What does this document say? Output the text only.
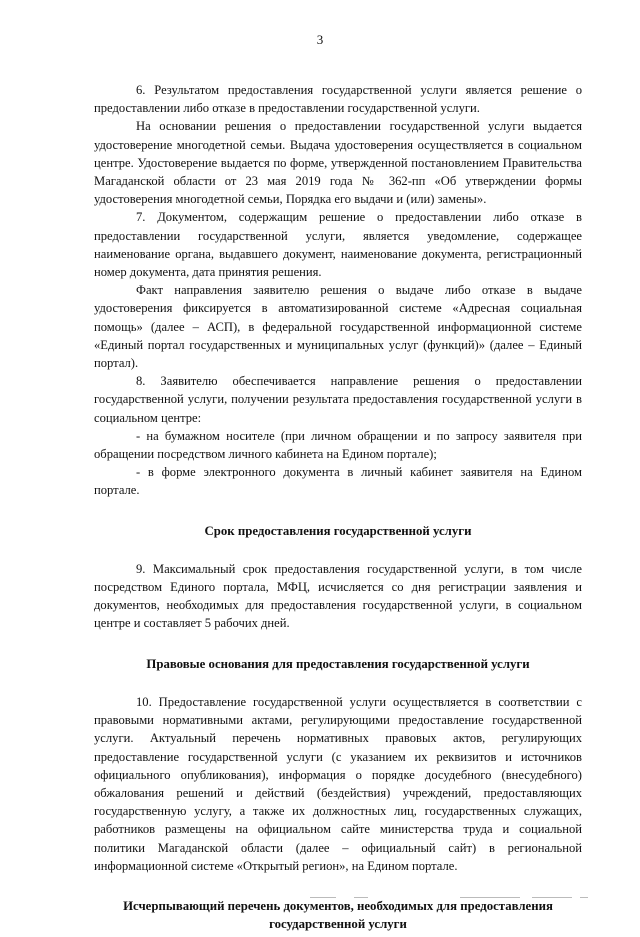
3

6. Результатом предоставления государственной услуги является решение о предоставлении либо отказе в предоставлении государственной услуги.

На основании решения о предоставлении государственной услуги выдается удостоверение многодетной семьи. Выдача удостоверения осуществляется в социальном центре. Удостоверение выдается по форме, утвержденной постановлением Правительства Магаданской области от 23 мая 2019 года № 362-пп «Об утверждении формы удостоверения многодетной семьи, Порядка его выдачи и (или) замены».

7. Документом, содержащим решение о предоставлении либо отказе в предоставлении государственной услуги, является уведомление, содержащее наименование органа, выдавшего документ, наименование документа, регистрационный номер документа, дата принятия решения.

Факт направления заявителю решения о выдаче либо отказе в выдаче удостоверения фиксируется в автоматизированной системе «Адресная социальная помощь» (далее – АСП), в федеральной государственной информационной системе «Единый портал государственных и муниципальных услуг (функций)» (далее – Единый портал).

8. Заявителю обеспечивается направление решения о предоставлении государственной услуги, получении результата предоставления государственной услуги в социальном центре:

- на бумажном носителе (при личном обращении и по запросу заявителя при обращении посредством личного кабинета на Едином портале);

- в форме электронного документа в личный кабинет заявителя на Едином портале.

Срок предоставления государственной услуги

9. Максимальный срок предоставления государственной услуги, в том числе посредством Единого портала, МФЦ, исчисляется со дня регистрации заявления и документов, необходимых для предоставления государственной услуги, в социальном центре и составляет 5 рабочих дней.

Правовые основания для предоставления государственной услуги

10. Предоставление государственной услуги осуществляется в соответствии с правовыми нормативными актами, регулирующими предоставление государственной услуги. Актуальный перечень нормативных правовых актов, регулирующих предоставление государственной услуги (с указанием их реквизитов и источников официального опубликования), информация о порядке досудебного (внесудебного) обжалования решений и действий (бездействия) учреждений, предоставляющих государственную услугу, а также их должностных лиц, государственных служащих, работников размещены на официальном сайте министерства труда и социальной политики Магаданской области (далее – официальный сайт) в региональной информационной системе «Открытый регион», на Едином портале.

Исчерпывающий перечень документов, необходимых для предоставления государственной услуги
